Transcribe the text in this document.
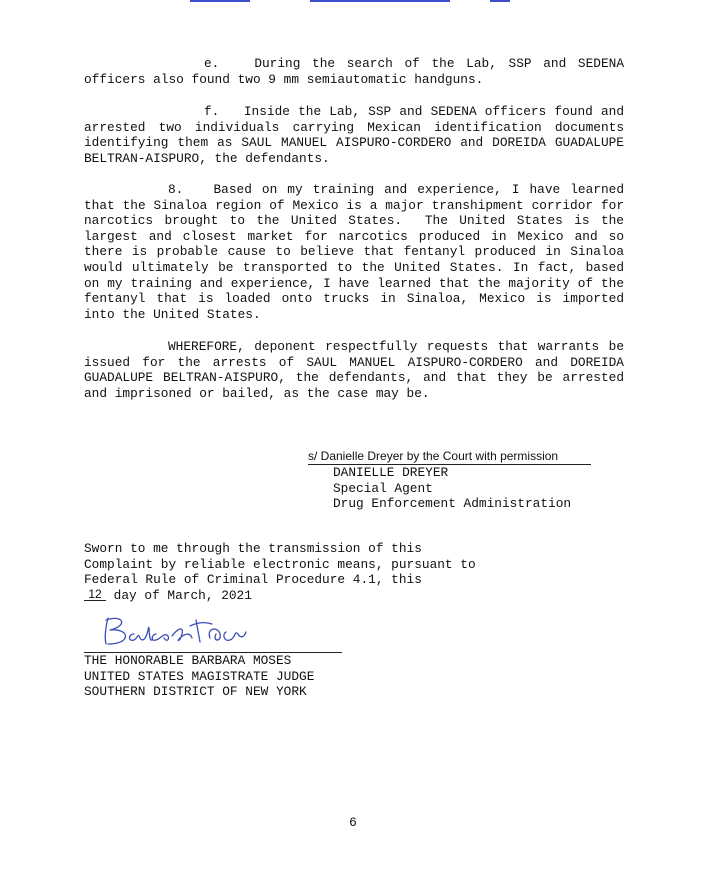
e.   During the search of the Lab, SSP and SEDENA officers also found two 9 mm semiautomatic handguns.

f.   Inside the Lab, SSP and SEDENA officers found and arrested two individuals carrying Mexican identification documents identifying them as SAUL MANUEL AISPURO-CORDERO and DOREIDA GUADALUPE BELTRAN-AISPURO, the defendants.

8.   Based on my training and experience, I have learned that the Sinaloa region of Mexico is a major transhipment corridor for narcotics brought to the United States.  The United States is the largest and closest market for narcotics produced in Mexico and so there is probable cause to believe that fentanyl produced in Sinaloa would ultimately be transported to the United States. In fact, based on my training and experience, I have learned that the majority of the fentanyl that is loaded onto trucks in Sinaloa, Mexico is imported into the United States.

WHEREFORE, deponent respectfully requests that warrants be issued for the arrests of SAUL MANUEL AISPURO-CORDERO and DOREIDA GUADALUPE BELTRAN-AISPURO, the defendants, and that they be arrested and imprisoned or bailed, as the case may be.

s/ Danielle Dreyer by the Court with permission
DANIELLE DREYER
Special Agent
Drug Enforcement Administration
Sworn to me through the transmission of this
Complaint by reliable electronic means, pursuant to
Federal Rule of Criminal Procedure 4.1, this
12 day of March, 2021
THE HONORABLE BARBARA MOSES
UNITED STATES MAGISTRATE JUDGE
SOUTHERN DISTRICT OF NEW YORK
6
